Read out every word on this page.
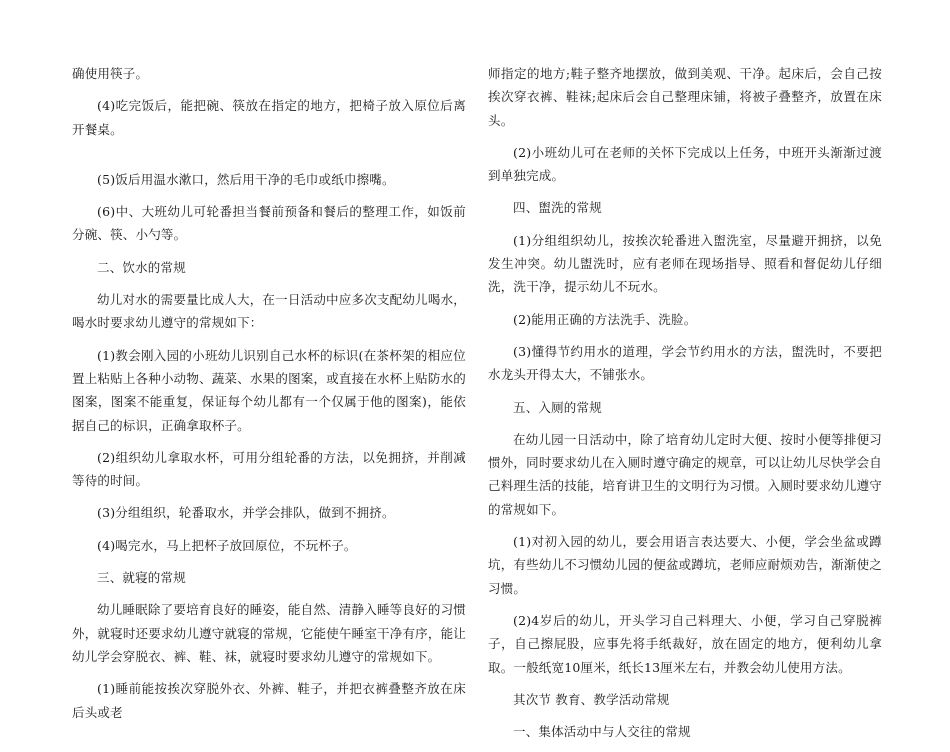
确使用筷子。

(4)吃完饭后，能把碗、筷放在指定的地方，把椅子放入原位后离开餐桌。

(5)饭后用温水漱口，然后用干净的毛巾或纸巾擦嘴。

(6)中、大班幼儿可轮番担当餐前预备和餐后的整理工作，如饭前分碗、筷、小勺等。

二、饮水的常规

幼儿对水的需要量比成人大，在一日活动中应多次支配幼儿喝水，喝水时要求幼儿遵守的常规如下：

(1)教会刚入园的小班幼儿识别自己水杯的标识(在茶杯架的相应位置上粘贴上各种小动物、蔬菜、水果的图案，或直接在水杯上贴防水的图案，图案不能重复，保证每个幼儿都有一个仅属于他的图案)，能依据自己的标识，正确拿取杯子。

(2)组织幼儿拿取水杯，可用分组轮番的方法，以免拥挤，并削减等待的时间。

(3)分组组织，轮番取水，并学会排队，做到不拥挤。

(4)喝完水，马上把杯子放回原位，不玩杯子。

三、就寝的常规

幼儿睡眠除了要培育良好的睡姿，能自然、清静入睡等良好的习惯外，就寝时还要求幼儿遵守就寝的常规，它能使午睡室干净有序，能让幼儿学会穿脱衣、裤、鞋、袜，就寝时要求幼儿遵守的常规如下。

(1)睡前能按挨次穿脱外衣、外裤、鞋子，并把衣裤叠整齐放在床后头或老

师指定的地方;鞋子整齐地摆放，做到美观、干净。起床后，会自己按挨次穿衣裤、鞋袜;起床后会自己整理床铺，将被子叠整齐，放置在床头。

(2)小班幼儿可在老师的关怀下完成以上任务，中班开头渐渐过渡到单独完成。

四、盥洗的常规

(1)分组组织幼儿，按挨次轮番进入盥洗室，尽量避开拥挤，以免发生冲突。幼儿盥洗时，应有老师在现场指导、照看和督促幼儿仔细洗，洗干净，提示幼儿不玩水。

(2)能用正确的方法洗手、洗脸。

(3)懂得节约用水的道理，学会节约用水的方法，盥洗时，不要把水龙头开得太大，不铺张水。

五、入厕的常规

在幼儿园一日活动中，除了培育幼儿定时大便、按时小便等排便习惯外，同时要求幼儿在入厕时遵守确定的规章，可以让幼儿尽快学会自己料理生活的技能，培育讲卫生的文明行为习惯。入厕时要求幼儿遵守的常规如下。

(1)对初入园的幼儿，要会用语言表达要大、小便，学会坐盆或蹲坑，有些幼儿不习惯幼儿园的便盆或蹲坑，老师应耐烦劝告，渐渐使之习惯。

(2)4岁后的幼儿，开头学习自己料理大、小便，学习自己穿脱裤子，自己擦屁股，应事先将手纸裁好，放在固定的地方，便利幼儿拿取。一般纸宽10厘米，纸长13厘米左右，并教会幼儿使用方法。

其次节 教育、教学活动常规

一、集体活动中与人交往的常规
